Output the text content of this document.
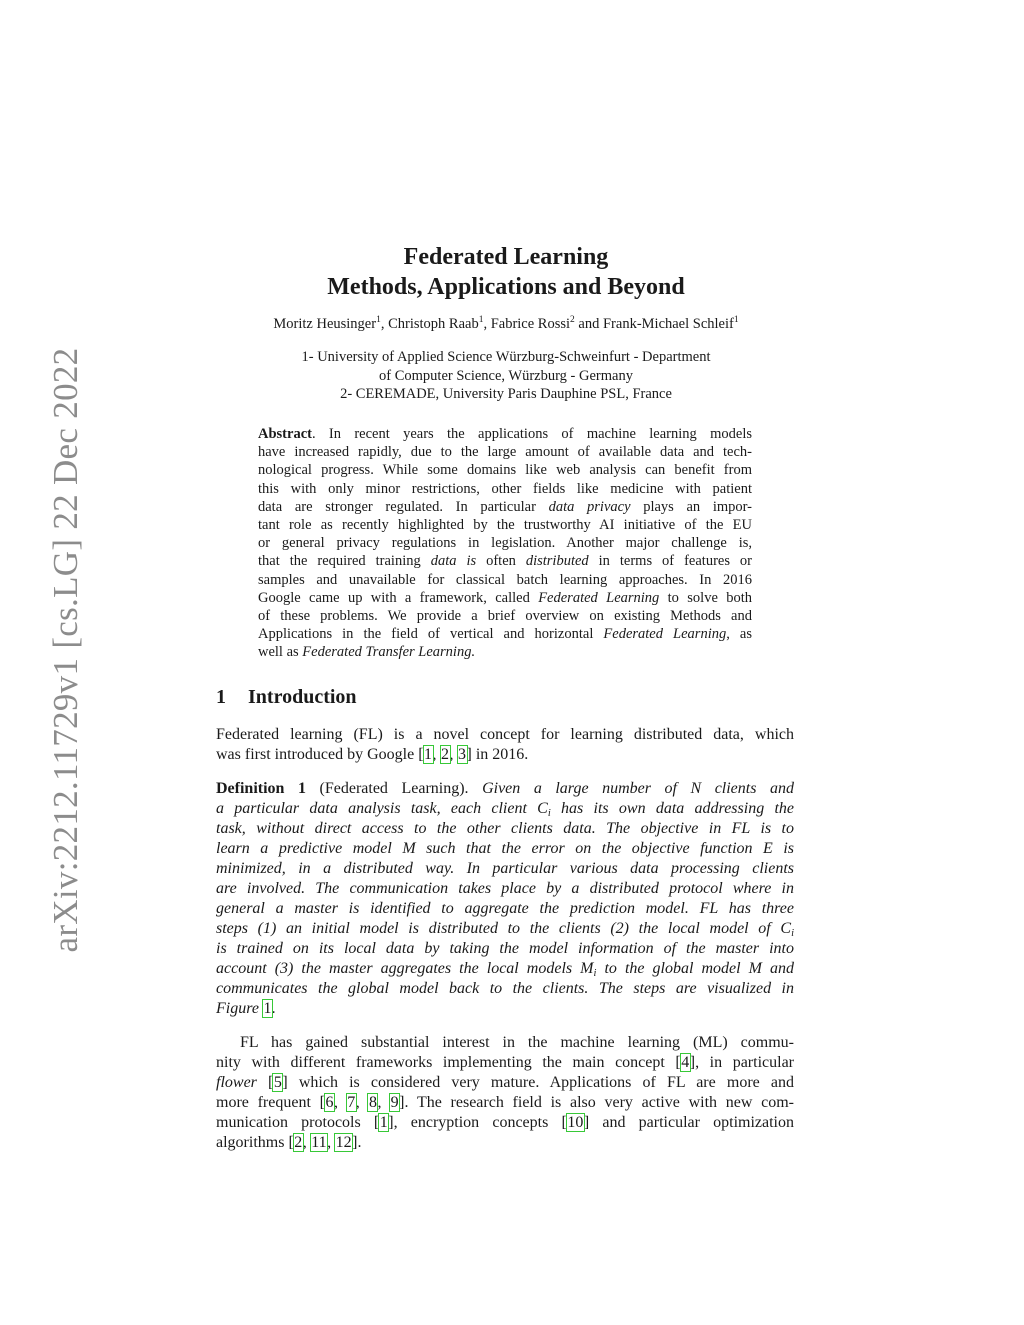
arXiv:2212.11729v1 [cs.LG] 22 Dec 2022
Federated Learning
Methods, Applications and Beyond
Moritz Heusinger$^1$, Christoph Raab$^1$, Fabrice Rossi$^2$ and Frank-Michael Schleif$^1$
1- University of Applied Science Würzburg-Schweinfurt - Department
of Computer Science, Würzburg - Germany
2- CEREMADE, University Paris Dauphine PSL, France
Abstract. In recent years the applications of machine learning models
have increased rapidly, due to the large amount of available data and tech-
nological progress. While some domains like web analysis can benefit from
this with only minor restrictions, other fields like medicine with patient
data are stronger regulated. In particular data privacy plays an impor-
tant role as recently highlighted by the trustworthy AI initiative of the EU
or general privacy regulations in legislation. Another major challenge is,
that the required training data is often distributed in terms of features or
samples and unavailable for classical batch learning approaches. In 2016
Google came up with a framework, called Federated Learning to solve both
of these problems. We provide a brief overview on existing Methods and
Applications in the field of vertical and horizontal Federated Learning, as
well as Federated Transfer Learning.
1 Introduction
Federated learning (FL) is a novel concept for learning distributed data, which
was first introduced by Google [1, 2, 3] in 2016.
Definition 1 (Federated Learning). Given a large number of N clients and
a particular data analysis task, each client $C_i$ has its own data addressing the
task, without direct access to the other clients data. The objective in FL is to
learn a predictive model M such that the error on the objective function E is
minimized, in a distributed way. In particular various data processing clients
are involved. The communication takes place by a distributed protocol where in
general a master is identified to aggregate the prediction model. FL has three
steps (1) an initial model is distributed to the clients (2) the local model of $C_i$
is trained on its local data by taking the model information of the master into
account (3) the master aggregates the local models $M_i$ to the global model M and
communicates the global model back to the clients. The steps are visualized in
Figure 1.
FL has gained substantial interest in the machine learning (ML) commu-
nity with different frameworks implementing the main concept [4], in particular
flower [5] which is considered very mature. Applications of FL are more and
more frequent [6, 7, 8, 9]. The research field is also very active with new com-
munication protocols [1], encryption concepts [10] and particular optimization
algorithms [2, 11, 12].
